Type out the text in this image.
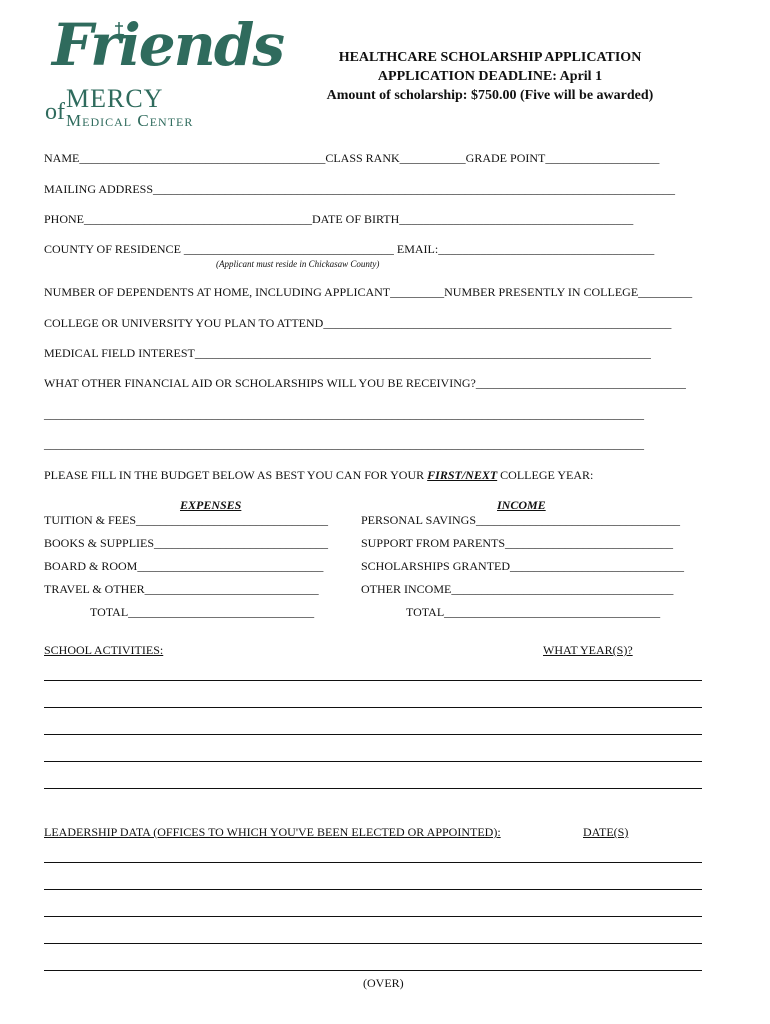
Friends
of MERCY
Medical Center
HEALTHCARE SCHOLARSHIP APPLICATION
APPLICATION DEADLINE: April 1
Amount of scholarship: $750.00 (Five will be awarded)
NAME_________________________________________CLASS RANK___________GRADE POINT___________________
MAILING ADDRESS_______________________________________________________________________________________
PHONE______________________________________DATE OF BIRTH_______________________________________
COUNTY OF RESIDENCE ___________________________________ EMAIL:____________________________________
(Applicant must reside in Chickasaw County)
NUMBER OF DEPENDENTS AT HOME, INCLUDING APPLICANT_________NUMBER PRESENTLY IN COLLEGE_________
COLLEGE OR UNIVERSITY YOU PLAN TO ATTEND__________________________________________________________
MEDICAL FIELD INTEREST____________________________________________________________________________
WHAT OTHER FINANCIAL AID OR SCHOLARSHIPS WILL YOU BE RECEIVING?___________________________________
____________________________________________________________________________________________________
____________________________________________________________________________________________________
PLEASE FILL IN THE BUDGET BELOW AS BEST YOU CAN FOR YOUR FIRST/NEXT COLLEGE YEAR:
EXPENSES	INCOME
TUITION & FEES________________________________
BOOKS & SUPPLIES_____________________________
BOARD & ROOM_______________________________
TRAVEL & OTHER_____________________________
TOTAL_______________________________
PERSONAL SAVINGS__________________________________
SUPPORT FROM PARENTS____________________________
SCHOLARSHIPS GRANTED_____________________________
OTHER INCOME_____________________________________
TOTAL____________________________________
SCHOOL ACTIVITIES:	WHAT YEAR(S)?
LEADERSHIP DATA (OFFICES TO WHICH YOU'VE BEEN ELECTED OR APPOINTED):	DATE(S)
(OVER)
